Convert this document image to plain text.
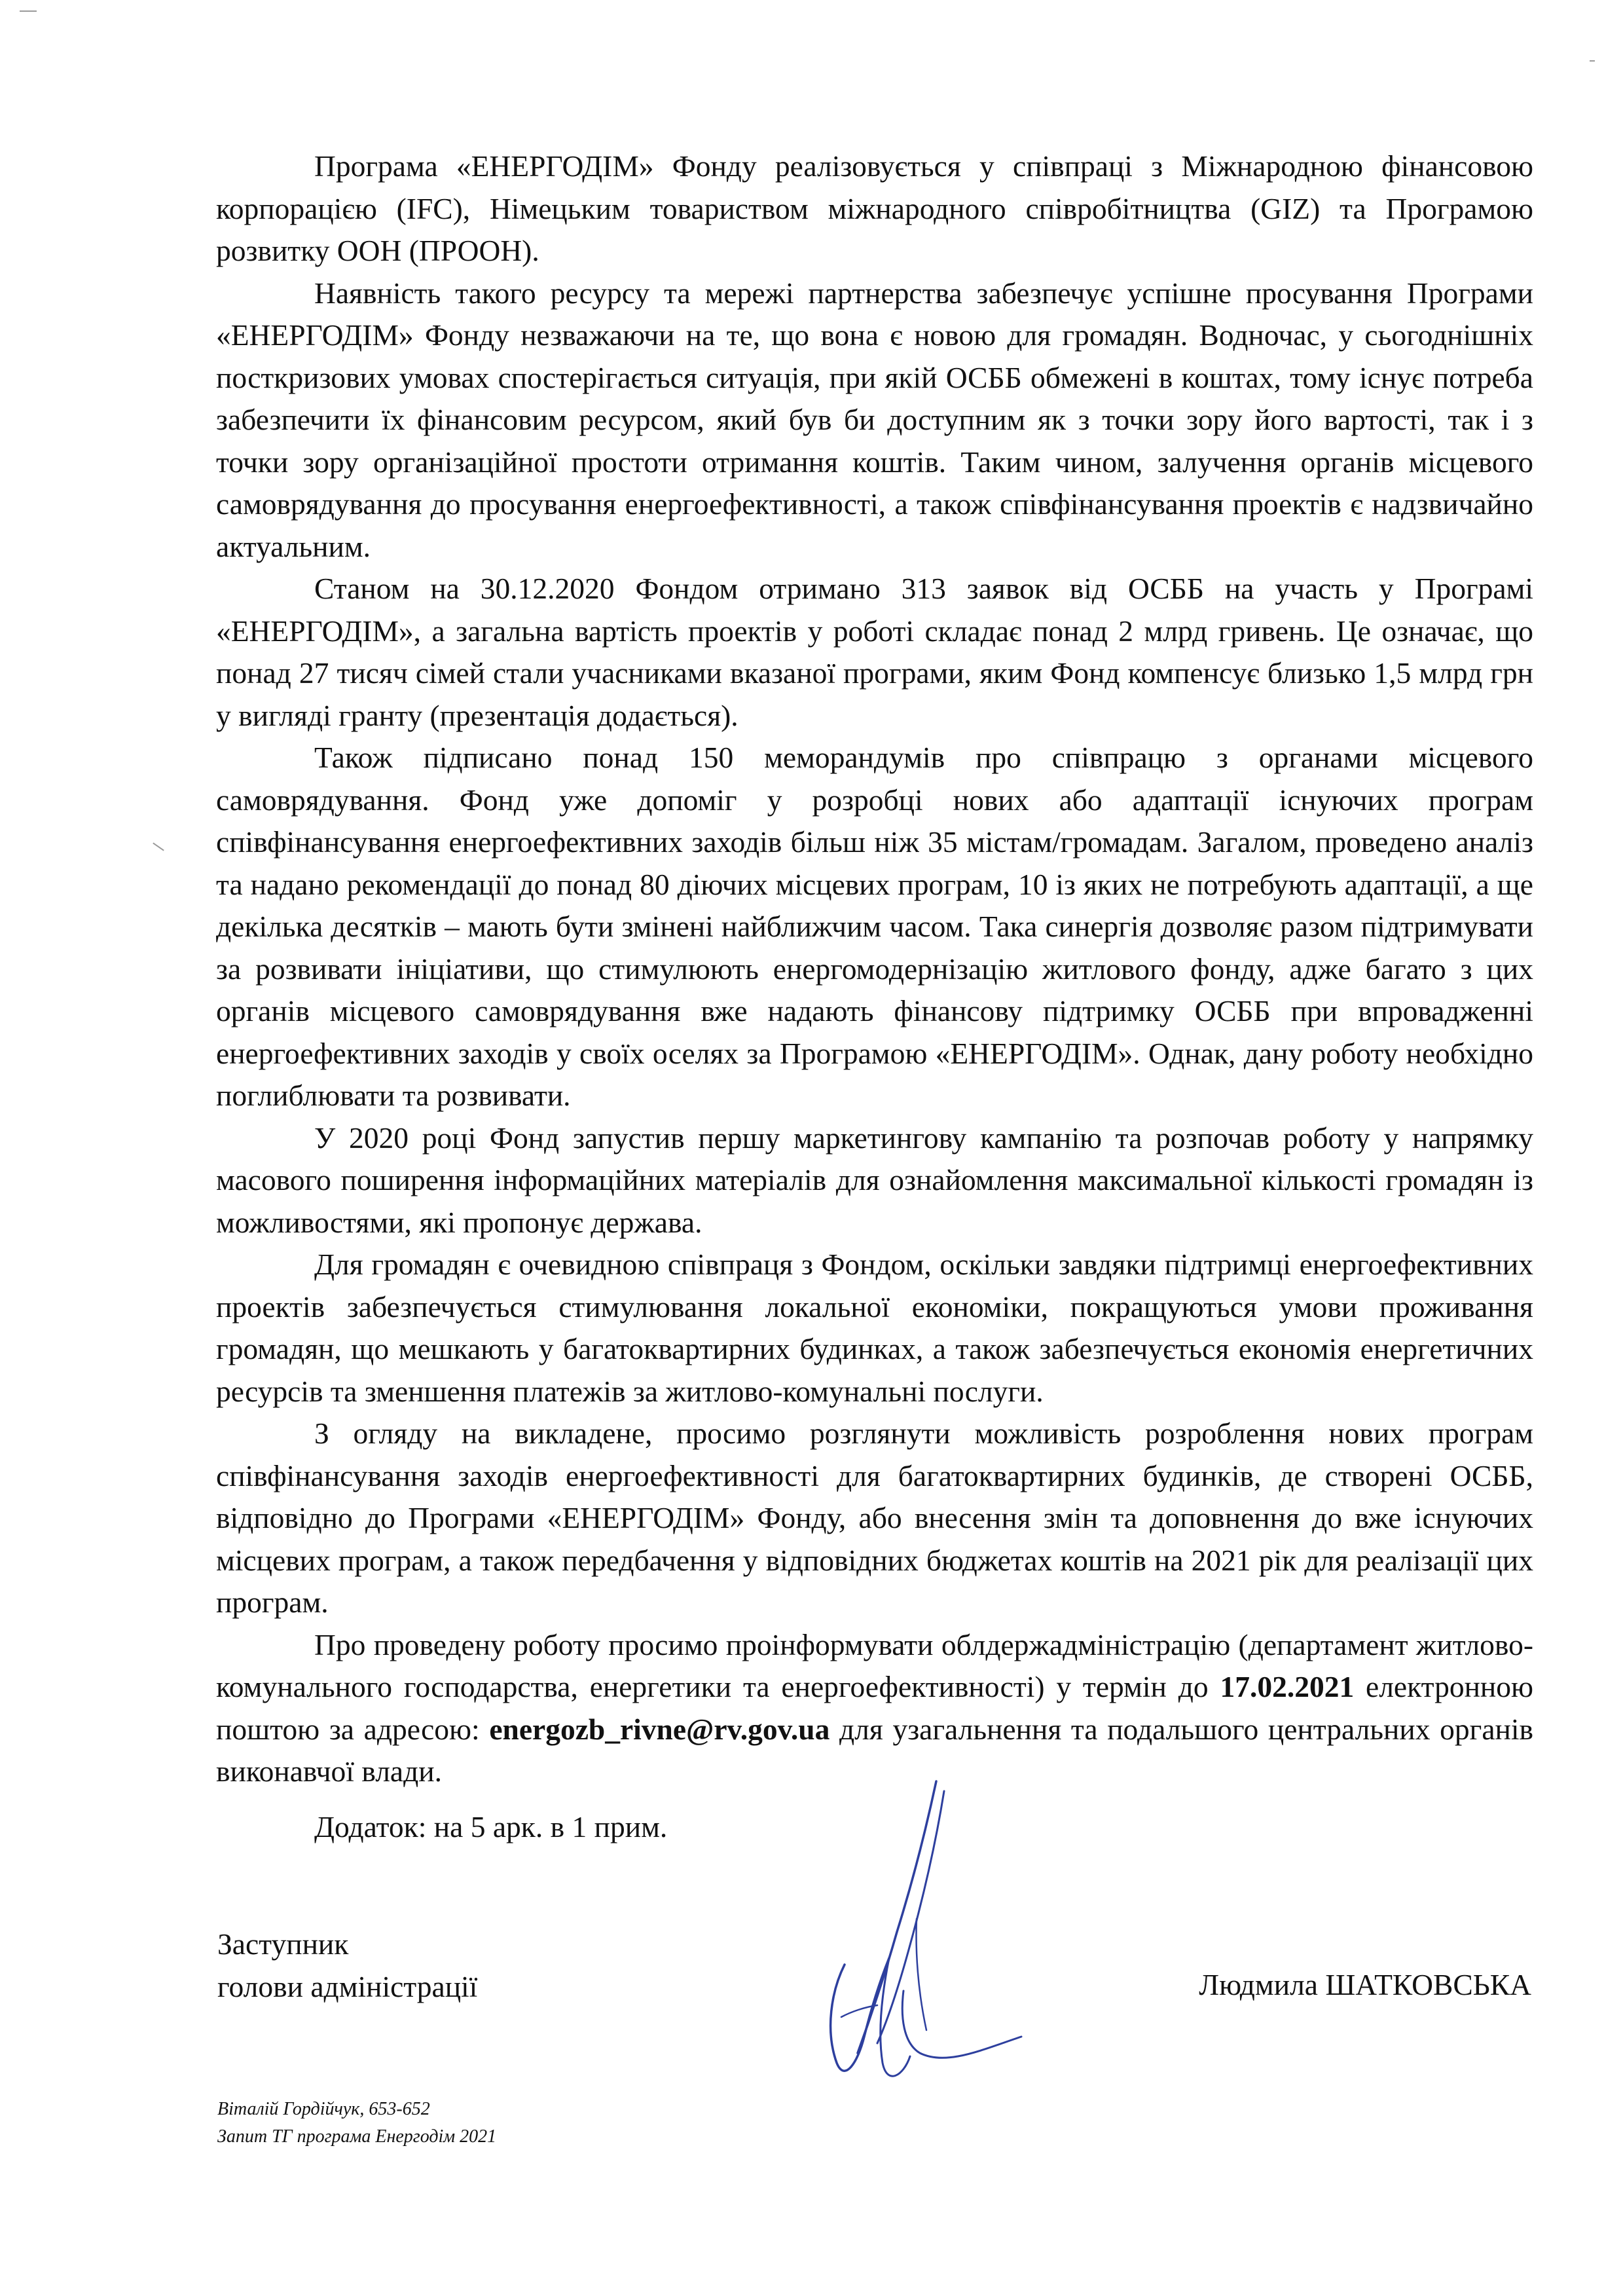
Програма «ЕНЕРГОДІМ» Фонду реалізовується у співпраці з Міжнародною фінансовою корпорацією (IFC), Німецьким товариством міжнародного співробітництва (GIZ) та Програмою розвитку ООН (ПРООН).

Наявність такого ресурсу та мережі партнерства забезпечує успішне просування Програми «ЕНЕРГОДІМ» Фонду незважаючи на те, що вона є новою для громадян. Водночас, у сьогоднішніх посткризових умовах спостерігається ситуація, при якій ОСББ обмежені в коштах, тому існує потреба забезпечити їх фінансовим ресурсом, який був би доступним як з точки зору його вартості, так і з точки зору організаційної простоти отримання коштів. Таким чином, залучення органів місцевого самоврядування до просування енергоефективності, а також співфінансування проектів є надзвичайно актуальним.

Станом на 30.12.2020 Фондом отримано 313 заявок від ОСББ на участь у Програмі «ЕНЕРГОДІМ», а загальна вартість проектів у роботі складає понад 2 млрд гривень. Це означає, що понад 27 тисяч сімей стали учасниками вказаної програми, яким Фонд компенсує близько 1,5 млрд грн у вигляді гранту (презентація додається).

Також підписано понад 150 меморандумів про співпрацю з органами місцевого самоврядування. Фонд уже допоміг у розробці нових або адаптації існуючих програм співфінансування енергоефективних заходів більш ніж 35 містам/громадам. Загалом, проведено аналіз та надано рекомендації до понад 80 діючих місцевих програм, 10 із яких не потребують адаптації, а ще декілька десятків – мають бути змінені найближчим часом. Така синергія дозволяє разом підтримувати за розвивати ініціативи, що стимулюють енергомодернізацію житлового фонду, адже багато з цих органів місцевого самоврядування вже надають фінансову підтримку ОСББ при впровадженні енергоефективних заходів у своїх оселях за Програмою «ЕНЕРГОДІМ». Однак, дану роботу необхідно поглиблювати та розвивати.

У 2020 році Фонд запустив першу маркетингову кампанію та розпочав роботу у напрямку масового поширення інформаційних матеріалів для ознайомлення максимальної кількості громадян із можливостями, які пропонує держава.

Для громадян є очевидною співпраця з Фондом, оскільки завдяки підтримці енергоефективних проектів забезпечується стимулювання локальної економіки, покращуються умови проживання громадян, що мешкають у багатоквартирних будинках, а також забезпечується економія енергетичних ресурсів та зменшення платежів за житлово-комунальні послуги.

З огляду на викладене, просимо розглянути можливість розроблення нових програм співфінансування заходів енергоефективності для багатоквартирних будинків, де створені ОСББ, відповідно до Програми «ЕНЕРГОДІМ» Фонду, або внесення змін та доповнення до вже існуючих місцевих програм, а також передбачення у відповідних бюджетах коштів на 2021 рік для реалізації цих програм.

Про проведену роботу просимо проінформувати облдержадміністрацію (департамент житлово-комунального господарства, енергетики та енергоефективності) у термін до 17.02.2021 електронною поштою за адресою: energozb_rivne@rv.gov.ua для узагальнення та подальшого центральних органів виконавчої влади.

Додаток: на 5 арк. в 1 прим.
Заступник
голови адміністрації	Людмила ШАТКОВСЬКА
Віталій Гордійчук, 653-652
Запит ТГ програма Енергодім 2021
